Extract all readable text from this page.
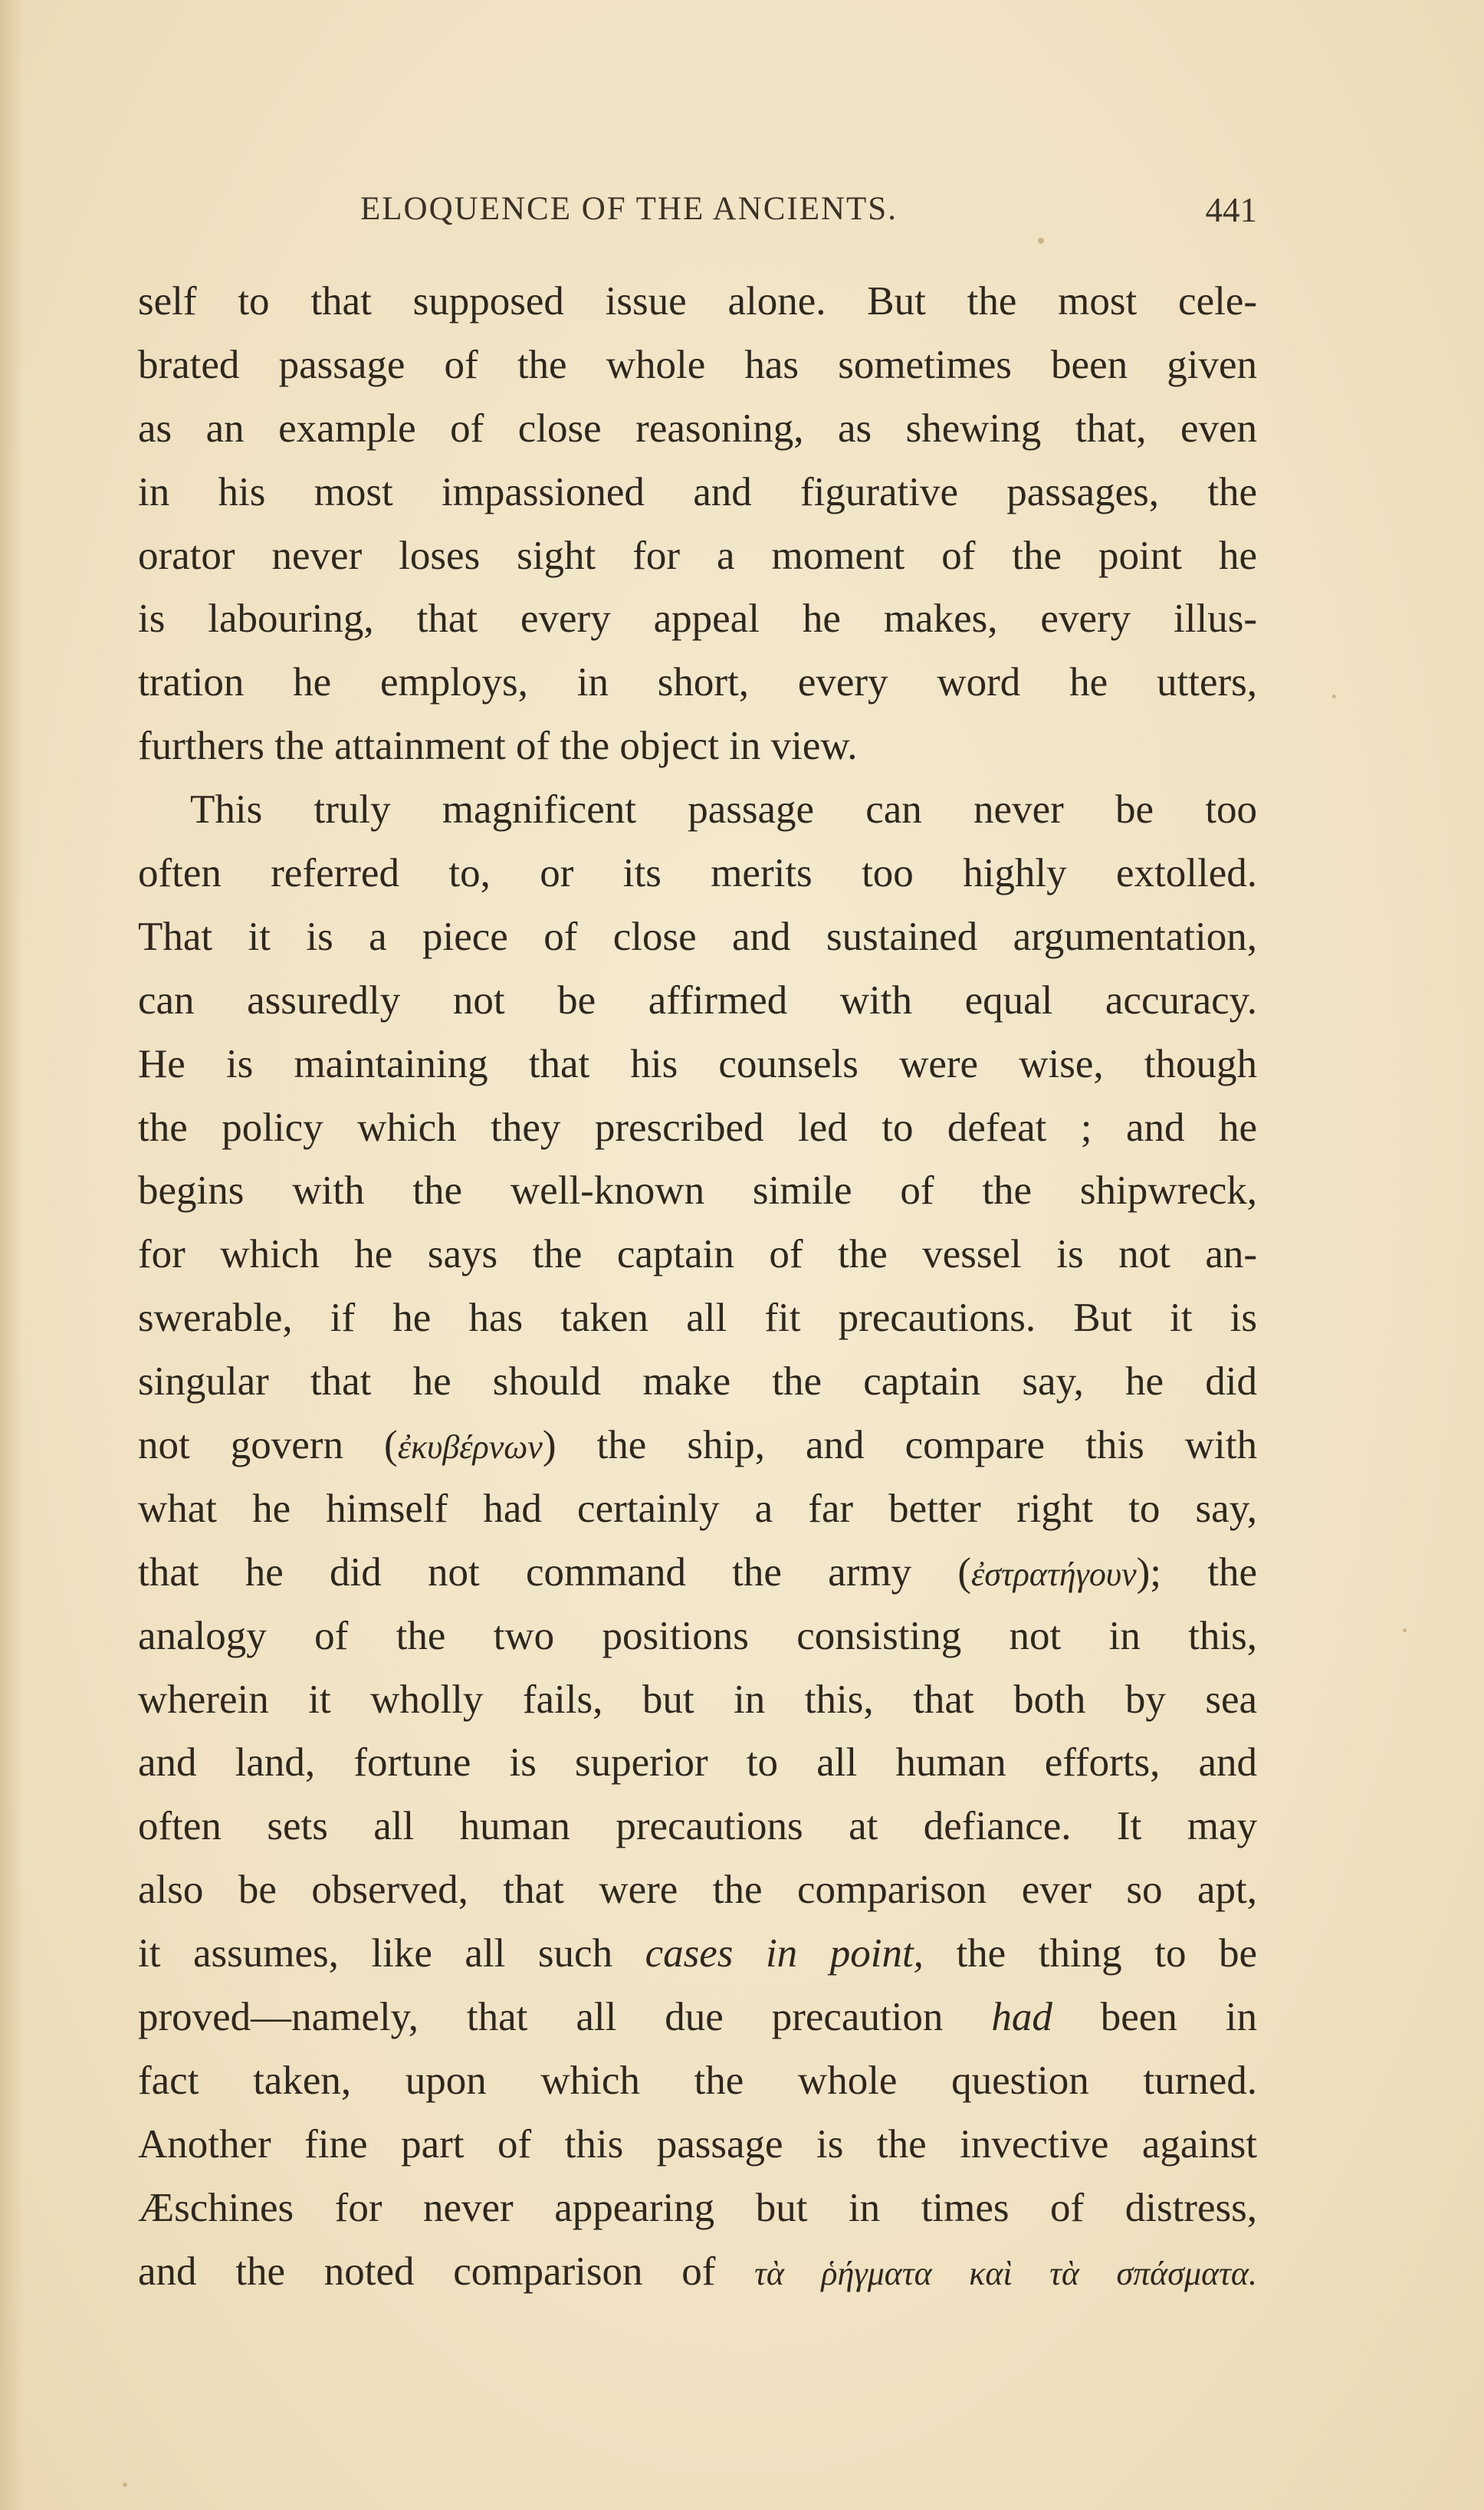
ELOQUENCE OF THE ANCIENTS.	441
self to that supposed issue alone. But the most cele-
brated passage of the whole has sometimes been given
as an example of close reasoning, as shewing that, even
in his most impassioned and figurative passages, the
orator never loses sight for a moment of the point he
is labouring, that every appeal he makes, every illus-
tration he employs, in short, every word he utters,
furthers the attainment of the object in view.
This truly magnificent passage can never be too
often referred to, or its merits too highly extolled.
That it is a piece of close and sustained argumentation,
can assuredly not be affirmed with equal accuracy.
He is maintaining that his counsels were wise, though
the policy which they prescribed led to defeat ; and he
begins with the well-known simile of the shipwreck,
for which he says the captain of the vessel is not an-
swerable, if he has taken all fit precautions. But it is
singular that he should make the captain say, he did
not govern (ἐκυβέρνων) the ship, and compare this with
what he himself had certainly a far better right to say,
that he did not command the army (ἐστρατήγουν); the
analogy of the two positions consisting not in this,
wherein it wholly fails, but in this, that both by sea
and land, fortune is superior to all human efforts, and
often sets all human precautions at defiance. It may
also be observed, that were the comparison ever so apt,
it assumes, like all such cases in point, the thing to be
proved—namely, that all due precaution had been in
fact taken, upon which the whole question turned.
Another fine part of this passage is the invective against
Æschines for never appearing but in times of distress,
and the noted comparison of τὰ ῥήγματα καὶ τὰ σπάσματα.
